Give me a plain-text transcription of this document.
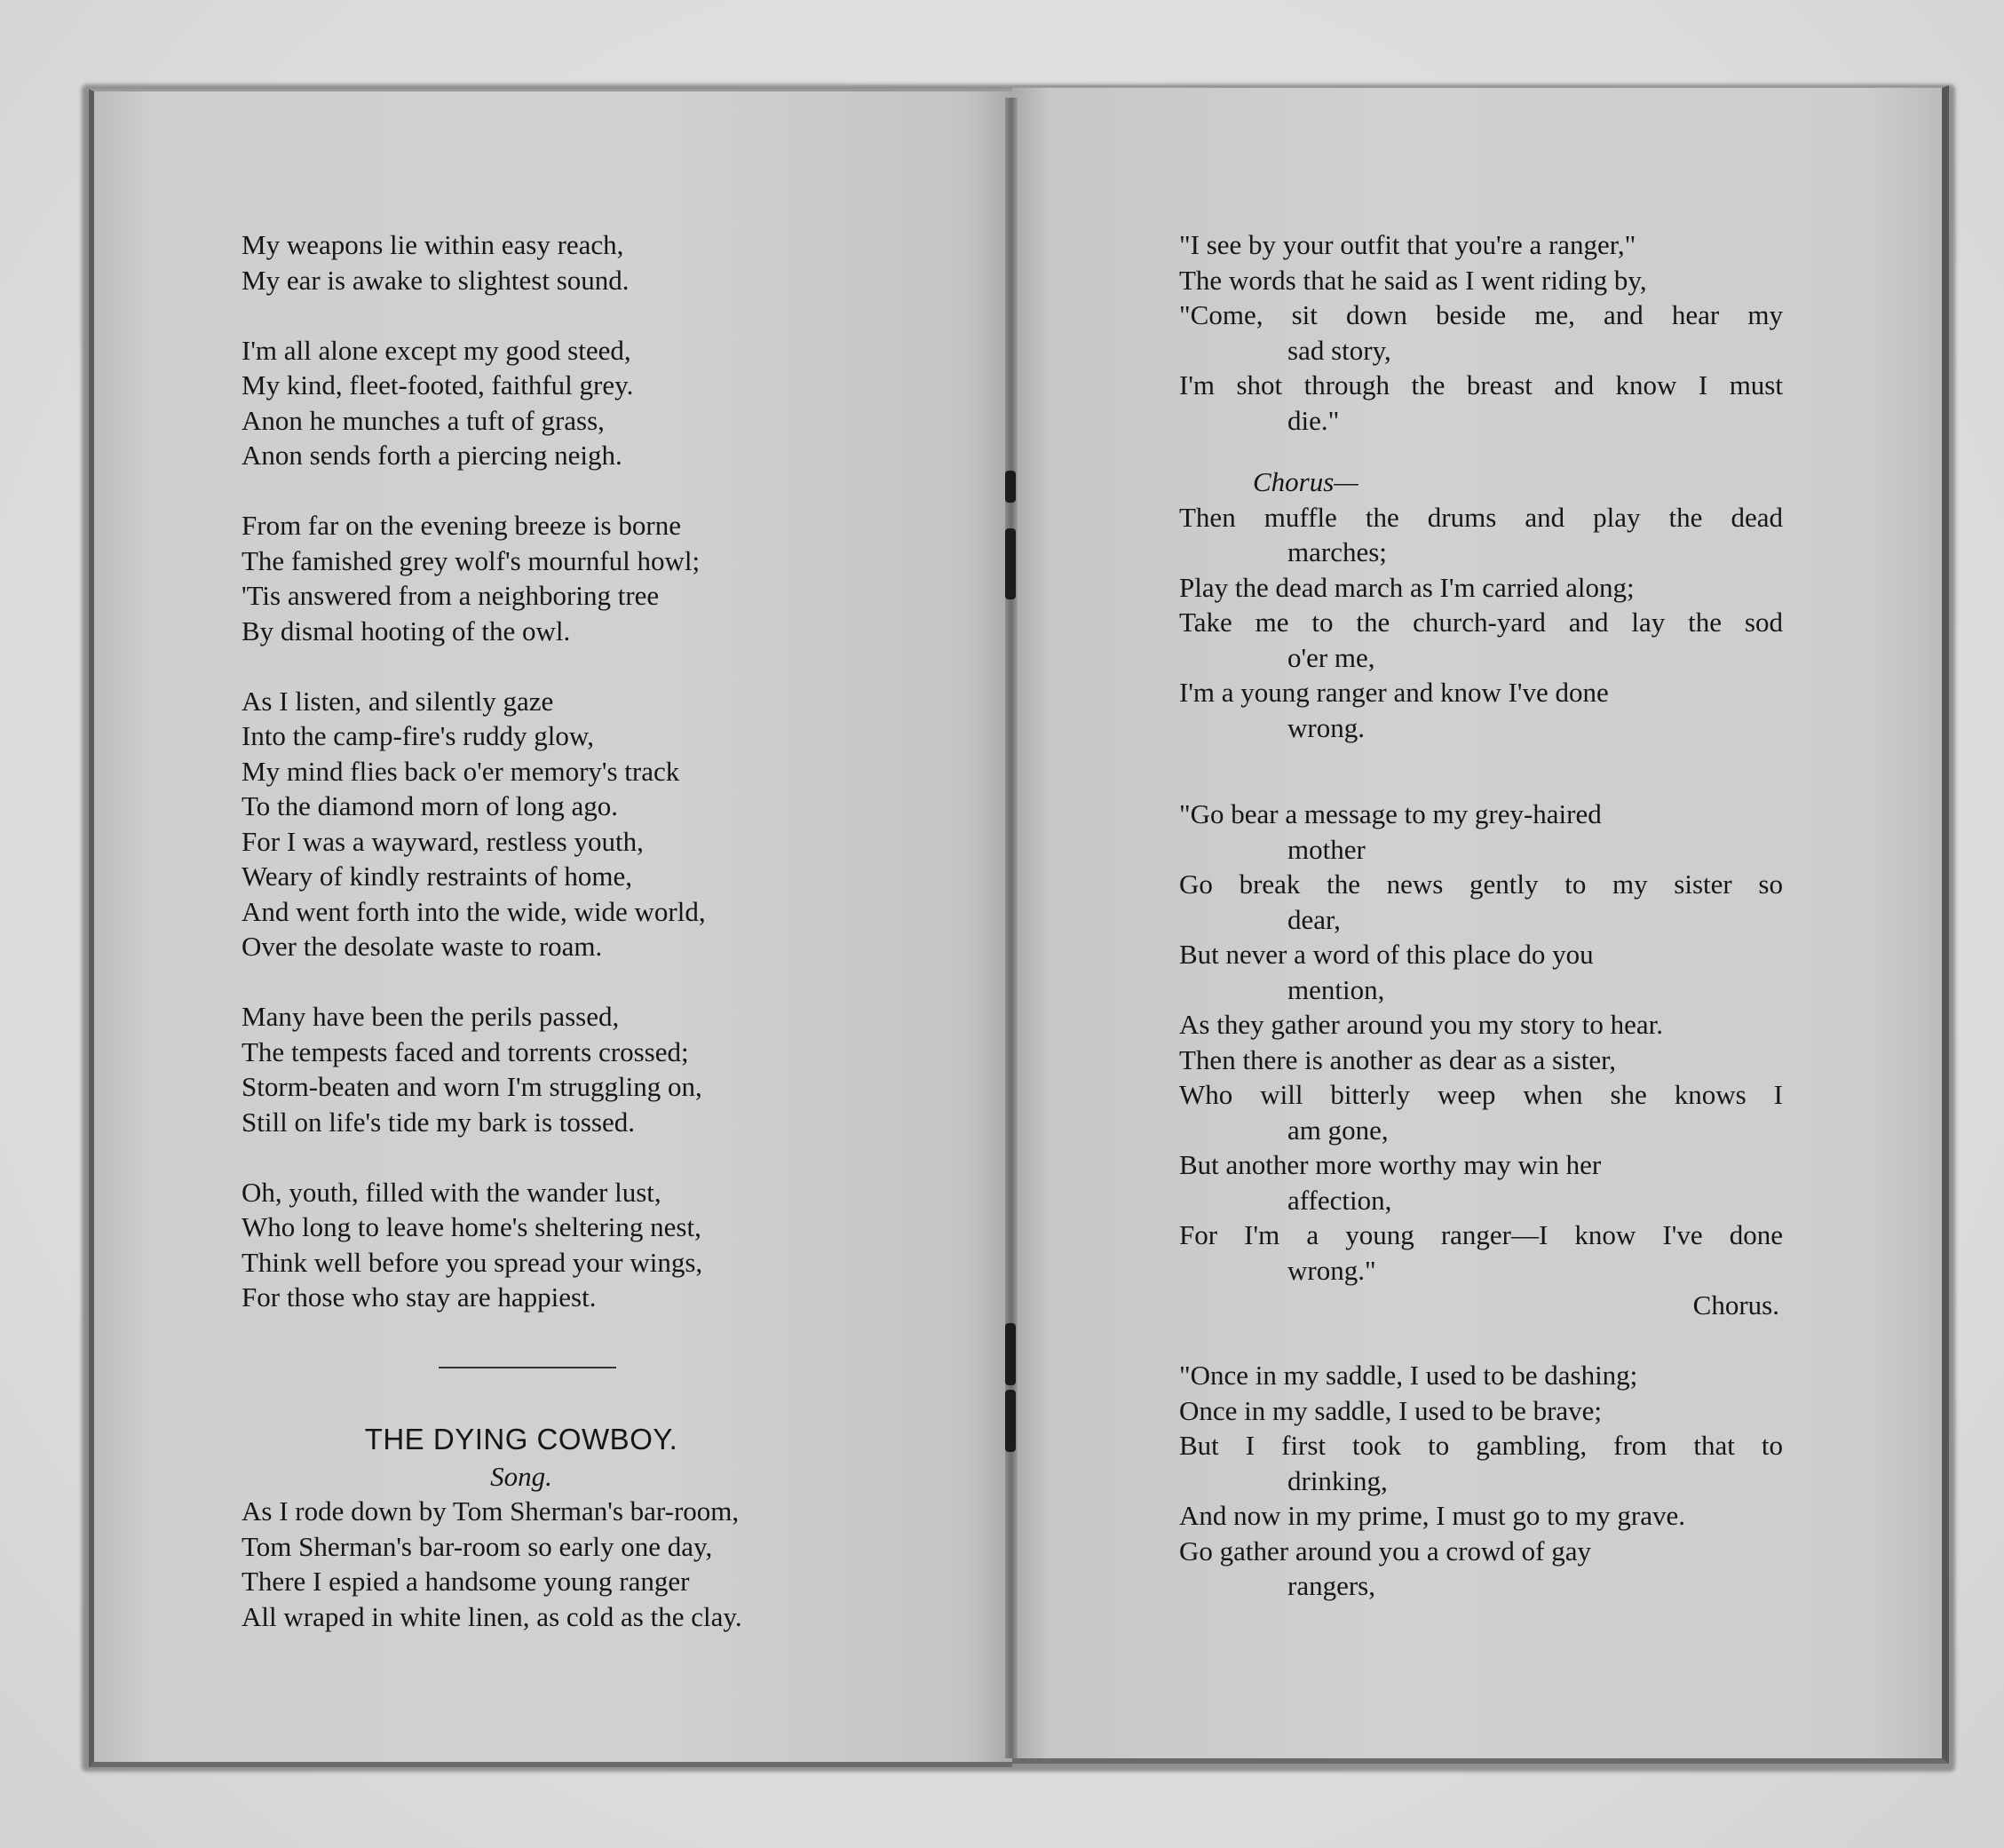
My weapons lie within easy reach,
My ear is awake to slightest sound.
I'm all alone except my good steed,
My kind, fleet-footed, faithful grey.
Anon he munches a tuft of grass,
Anon sends forth a piercing neigh.
From far on the evening breeze is borne
The famished grey wolf's mournful howl;
'Tis answered from a neighboring tree
By dismal hooting of the owl.
As I listen, and silently gaze
Into the camp-fire's ruddy glow,
My mind flies back o'er memory's track
To the diamond morn of long ago.
For I was a wayward, restless youth,
Weary of kindly restraints of home,
And went forth into the wide, wide world,
Over the desolate waste to roam.
Many have been the perils passed,
The tempests faced and torrents crossed;
Storm-beaten and worn I'm struggling on,
Still on life's tide my bark is tossed.
Oh, youth, filled with the wander lust,
Who long to leave home's sheltering nest,
Think well before you spread your wings,
For those who stay are happiest.
THE DYING COWBOY.
Song.
As I rode down by Tom Sherman's bar-room,
Tom Sherman's bar-room so early one day,
There I espied a handsome young ranger
All wraped in white linen, as cold as the clay.
"I see by your outfit that you're a ranger,"
The words that he said as I went riding by,
"Come, sit down beside me, and hear my
sad story,
I'm shot through the breast and know I must
die."
Chorus—
Then muffle the drums and play the dead
marches;
Play the dead march as I'm carried along;
Take me to the church-yard and lay the sod
o'er me,
I'm a young ranger and know I've done
wrong.
"Go bear a message to my grey-haired
mother
Go break the news gently to my sister so
dear,
But never a word of this place do you
mention,
As they gather around you my story to hear.
Then there is another as dear as a sister,
Who will bitterly weep when she knows I
am gone,
But another more worthy may win her
affection,
For I'm a young ranger—I know I've done
wrong."
Chorus.
"Once in my saddle, I used to be dashing;
Once in my saddle, I used to be brave;
But I first took to gambling, from that to
drinking,
And now in my prime, I must go to my grave.
Go gather around you a crowd of gay
rangers,
